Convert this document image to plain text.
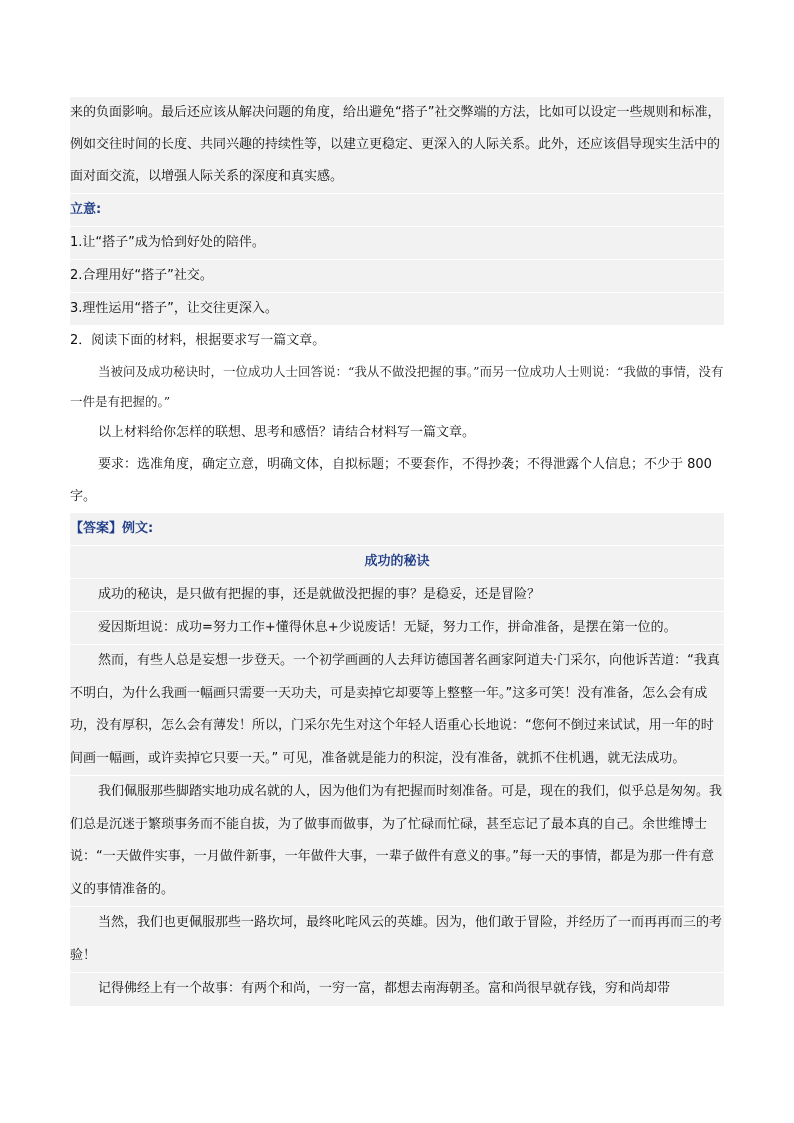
来的负面影响。最后还应该从解决问题的角度，给出避免“搭子”社交弊端的方法，比如可以设定一些规则和标准，例如交往时间的长度、共同兴趣的持续性等，以建立更稳定、更深入的人际关系。此外，还应该倡导现实生活中的面对面交流，以增强人际关系的深度和真实感。
立意:
1.让“搭子”成为恰到好处的陪伴。
2.合理用好“搭子”社交。
3.理性运用“搭子”，让交往更深入。
2．阅读下面的材料，根据要求写一篇文章。
当被问及成功秘诀时，一位成功人士回答说：“我从不做没把握的事。”而另一位成功人士则说：“我做的事情，没有一件是有把握的。”
以上材料给你怎样的联想、思考和感悟？请结合材料写一篇文章。
要求：选准角度，确定立意，明确文体，自拟标题；不要套作，不得抄袭；不得泄露个人信息；不少于 800 字。
【答案】例文:
成功的秘诀
成功的秘诀，是只做有把握的事，还是就做没把握的事？是稳妥，还是冒险？
爱因斯坦说：成功=努力工作+懂得休息+少说废话！无疑，努力工作，拼命准备，是摆在第一位的。
然而，有些人总是妄想一步登天。一个初学画画的人去拜访德国著名画家阿道夫·门采尔，向他诉苦道：“我真不明白，为什么我画一幅画只需要一天功夫，可是卖掉它却要等上整整一年。”这多可笑！没有准备，怎么会有成功，没有厚积，怎么会有薄发！所以，门采尔先生对这个年轻人语重心长地说：“您何不倒过来试试，用一年的时间画一幅画，或许卖掉它只要一天。” 可见，准备就是能力的积淀，没有准备，就抓不住机遇，就无法成功。
我们佩服那些脚踏实地功成名就的人，因为他们为有把握而时刻准备。可是，现在的我们，似乎总是匆匆。我们总是沉迷于繁琐事务而不能自拔，为了做事而做事，为了忙碌而忙碌，甚至忘记了最本真的自己。余世维博士说：“一天做件实事，一月做件新事，一年做件大事，一辈子做件有意义的事。”每一天的事情，都是为那一件有意义的事情准备的。
当然，我们也更佩服那些一路坎坷，最终叱咤风云的英雄。因为，他们敢于冒险，并经历了一而再再而三的考验！
记得佛经上有一个故事：有两个和尚，一穷一富，都想去南海朝圣。富和尚很早就存钱，穷和尚却带
